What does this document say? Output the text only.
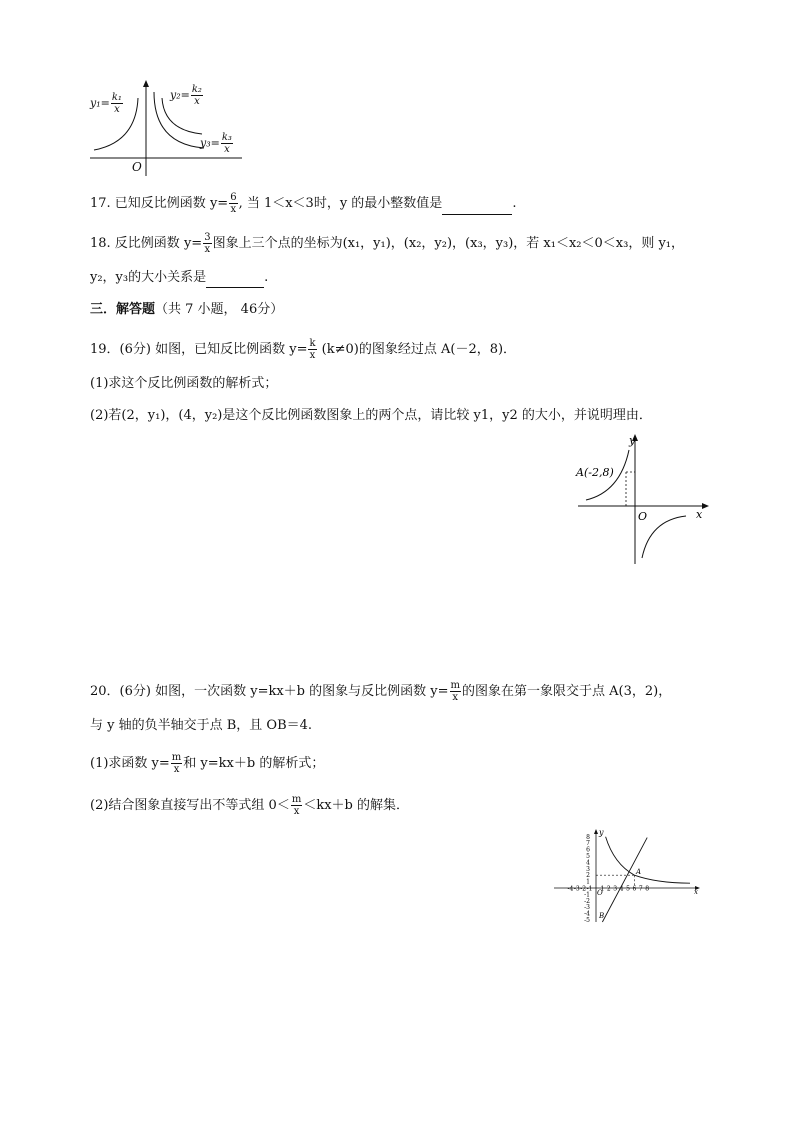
$y_1= \frac{\text{k₁}}{x}$	$y_2= \frac{\text{k₂}}{x}$
$y_3= \frac{\text{k₃}}{x}$
O
17. 已知反比例函数 $y= \frac{6}{x}$ , 当 1＜x＜3时，y 的最小整数值是	.
18. 反比例函数 $y= \frac{3}{x}$ 图象上三个点的坐标为(x₁，y₁)，(x₂，y₂)，(x₃，y₃)，若 x₁＜x₂＜0＜x₃，则 y₁，
y₂，y₃的大小关系是	.
三．解答题（共 7 小题， 46分）
19．(6分) 如图，已知反比例函数 $y= \frac{k}{x} (k\ne 0)$的图象经过点 A(－2，8)．
(1)求这个反比例函数的解析式；
(2)若(2，y₁)，(4，y₂)是这个反比例函数图象上的两个点，请比较 y1，y2 的大小，并说明理由．
y
x
O
A(-2,8)
20．(6分) 如图，一次函数 y=kx＋b 的图象与反比例函数 $y= \frac{m}{x}$ 的图象在第一象限交于点 A(3，2)，
与 y 轴的负半轴交于点 B，且 OB＝4.
(1)求函数 $y= \frac{m}{x}$ 和 y=kx＋b 的解析式；
(2)结合图象直接写出不等式组 $0< \frac{m}{x} <kx+b$ 的解集．
8
7
6
5
4
3
2
1
-1
-2
-3
-4
-5
-4 -3 -2 -1 1 2 3 4 5 6 7 8
y
x
O
A
B
